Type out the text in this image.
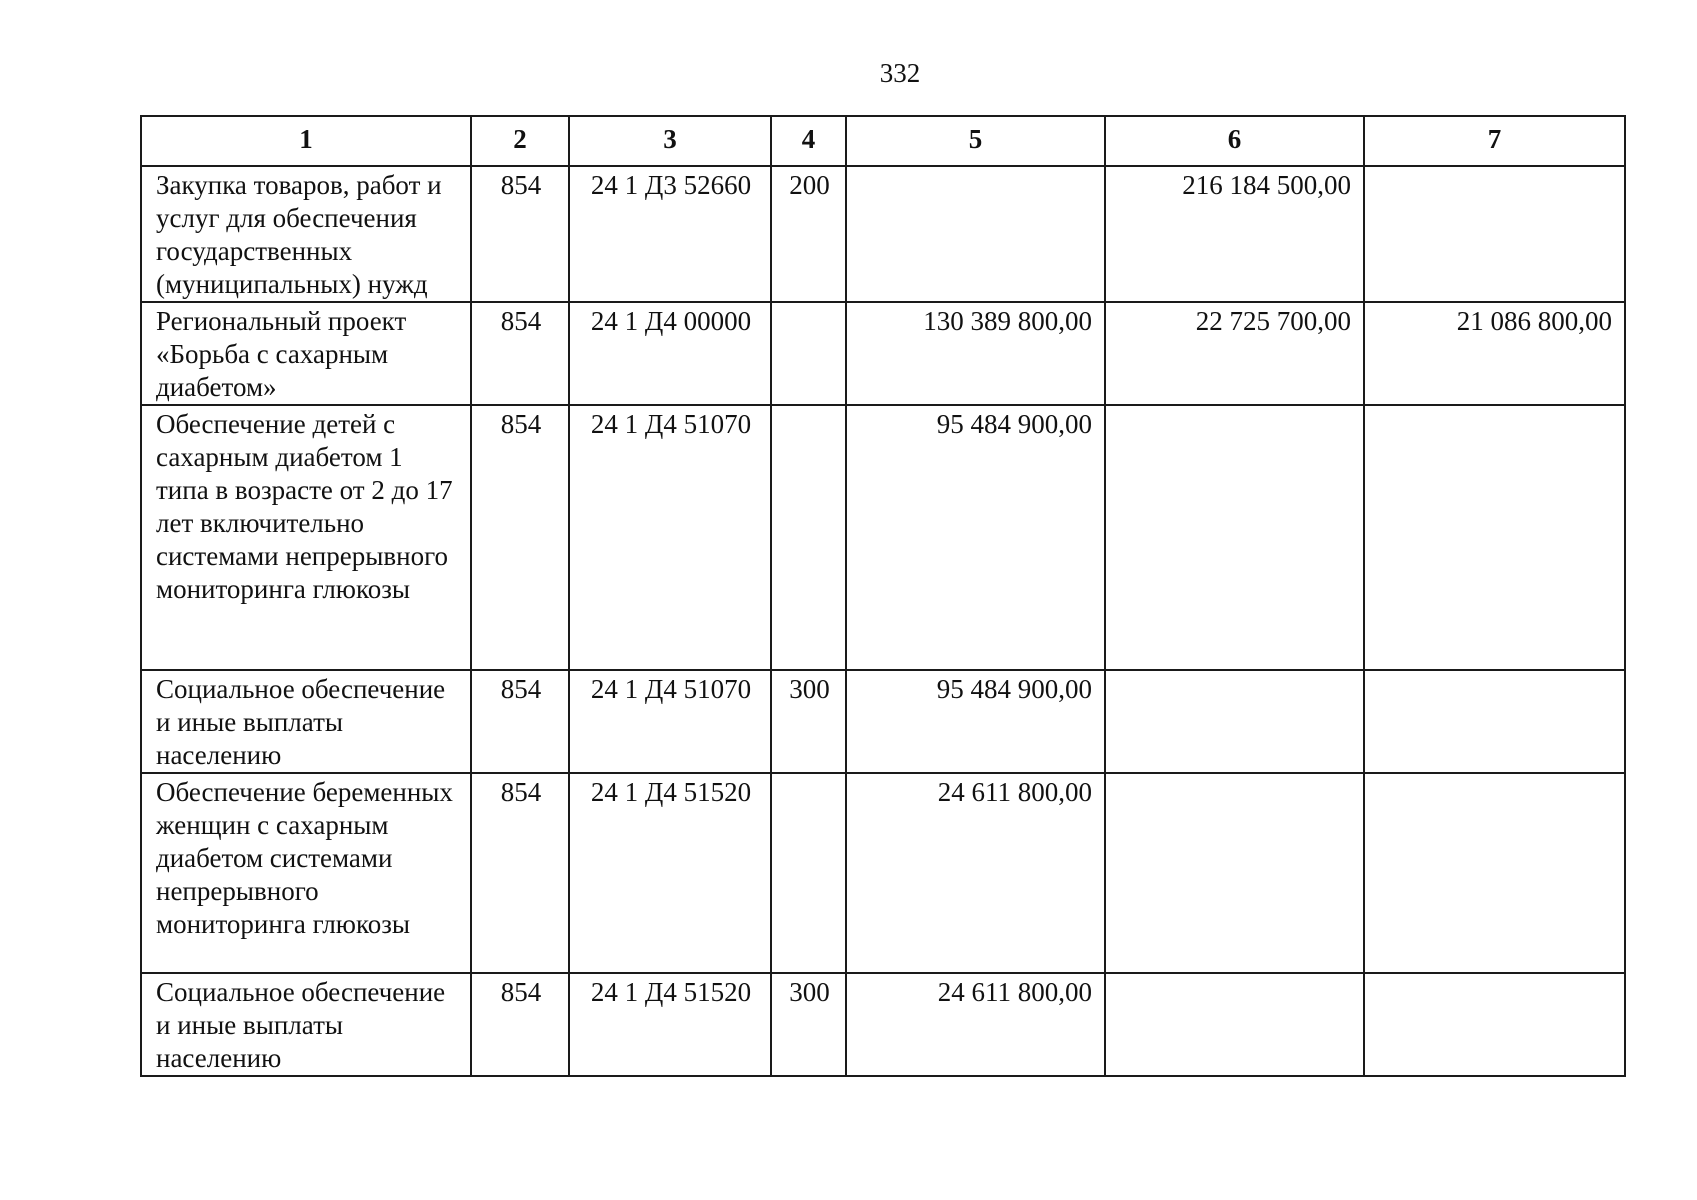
332
1	2	3	4	5	6	7
Закупка товаров, работ и услуг для обеспечения государственных (муниципальных) нужд	854	24 1 Д3 52660	200		216 184 500,00	
Региональный проект «Борьба с сахарным диабетом»	854	24 1 Д4 00000		130 389 800,00	22 725 700,00	21 086 800,00
Обеспечение детей с сахарным диабетом 1 типа в возрасте от 2 до 17 лет включительно системами непрерывного мониторинга глюкозы	854	24 1 Д4 51070		95 484 900,00		
Социальное обеспечение и иные выплаты населению	854	24 1 Д4 51070	300	95 484 900,00		
Обеспечение беременных женщин с сахарным диабетом системами непрерывного мониторинга глюкозы	854	24 1 Д4 51520		24 611 800,00		
Социальное обеспечение и иные выплаты населению	854	24 1 Д4 51520	300	24 611 800,00		
